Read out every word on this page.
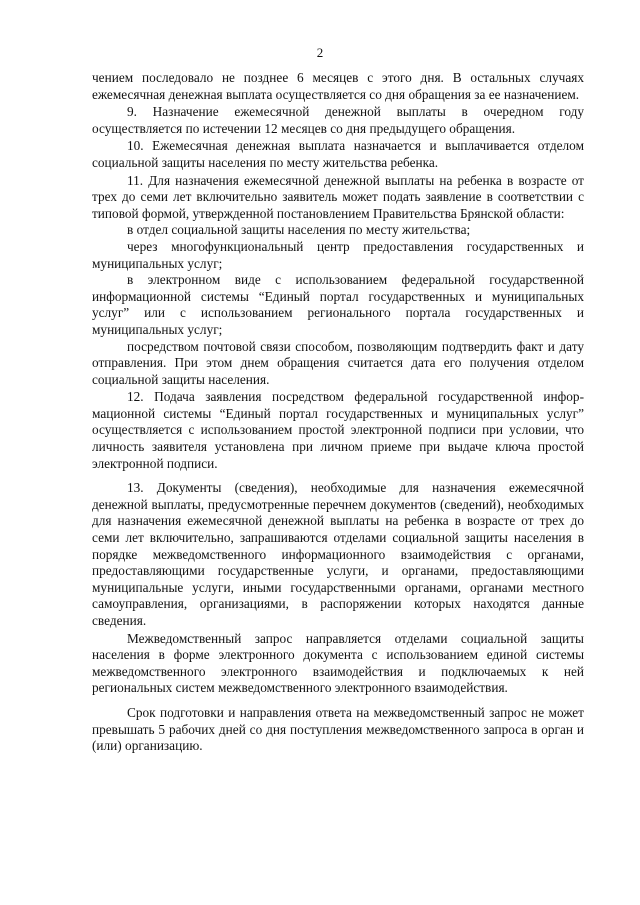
2

чением последовало не позднее 6 месяцев с этого дня. В остальных случаях ежемесячная денежная выплата осуществляется со дня обращения за ее назначением.

9. Назначение ежемесячной денежной выплаты в очередном году осуществляется по истечении 12 месяцев со дня предыдущего обращения.

10. Ежемесячная денежная выплата назначается и выплачивается отделом социальной защиты населения по месту жительства ребенка.

11. Для назначения ежемесячной денежной выплаты на ребенка в возрасте от трех до семи лет включительно заявитель может подать заявление в соответствии с типовой формой, утвержденной постановлением Правительства Брянской области:

в отдел социальной защиты населения по месту жительства;

через многофункциональный центр предоставления государственных и муниципальных услуг;

в электронном виде с использованием федеральной государственной информационной системы “Единый портал государственных и муниципальных услуг” или с использованием регионального портала государственных и муниципальных услуг;

посредством почтовой связи способом, позволяющим подтвердить факт и дату отправления. При этом днем обращения считается дата его получения отделом социальной защиты населения.

12. Подача заявления посредством федеральной государственной информационной системы “Единый портал государственных и муниципальных услуг” осуществляется с использованием простой электронной подписи при условии, что личность заявителя установлена при личном приеме при выдаче ключа простой электронной подписи.

13. Документы (сведения), необходимые для назначения ежемесячной денежной выплаты, предусмотренные перечнем документов (сведений), необходимых для назначения ежемесячной денежной выплаты на ребенка в возрасте от трех до семи лет включительно, запрашиваются отделами социальной защиты населения в порядке межведомственного информационного взаимодействия с органами, предоставляющими государственные услуги, и органами, предоставляющими муниципальные услуги, иными государственными органами, органами местного самоуправления, организациями, в распоряжении которых находятся данные сведения.

Межведомственный запрос направляется отделами социальной защиты населения в форме электронного документа с использованием единой системы межведомственного электронного взаимодействия и подключаемых к ней региональных систем межведомственного электронного взаимодействия.

Срок подготовки и направления ответа на межведомственный запрос не может превышать 5 рабочих дней со дня поступления межведомственного запроса в орган и (или) организацию.
